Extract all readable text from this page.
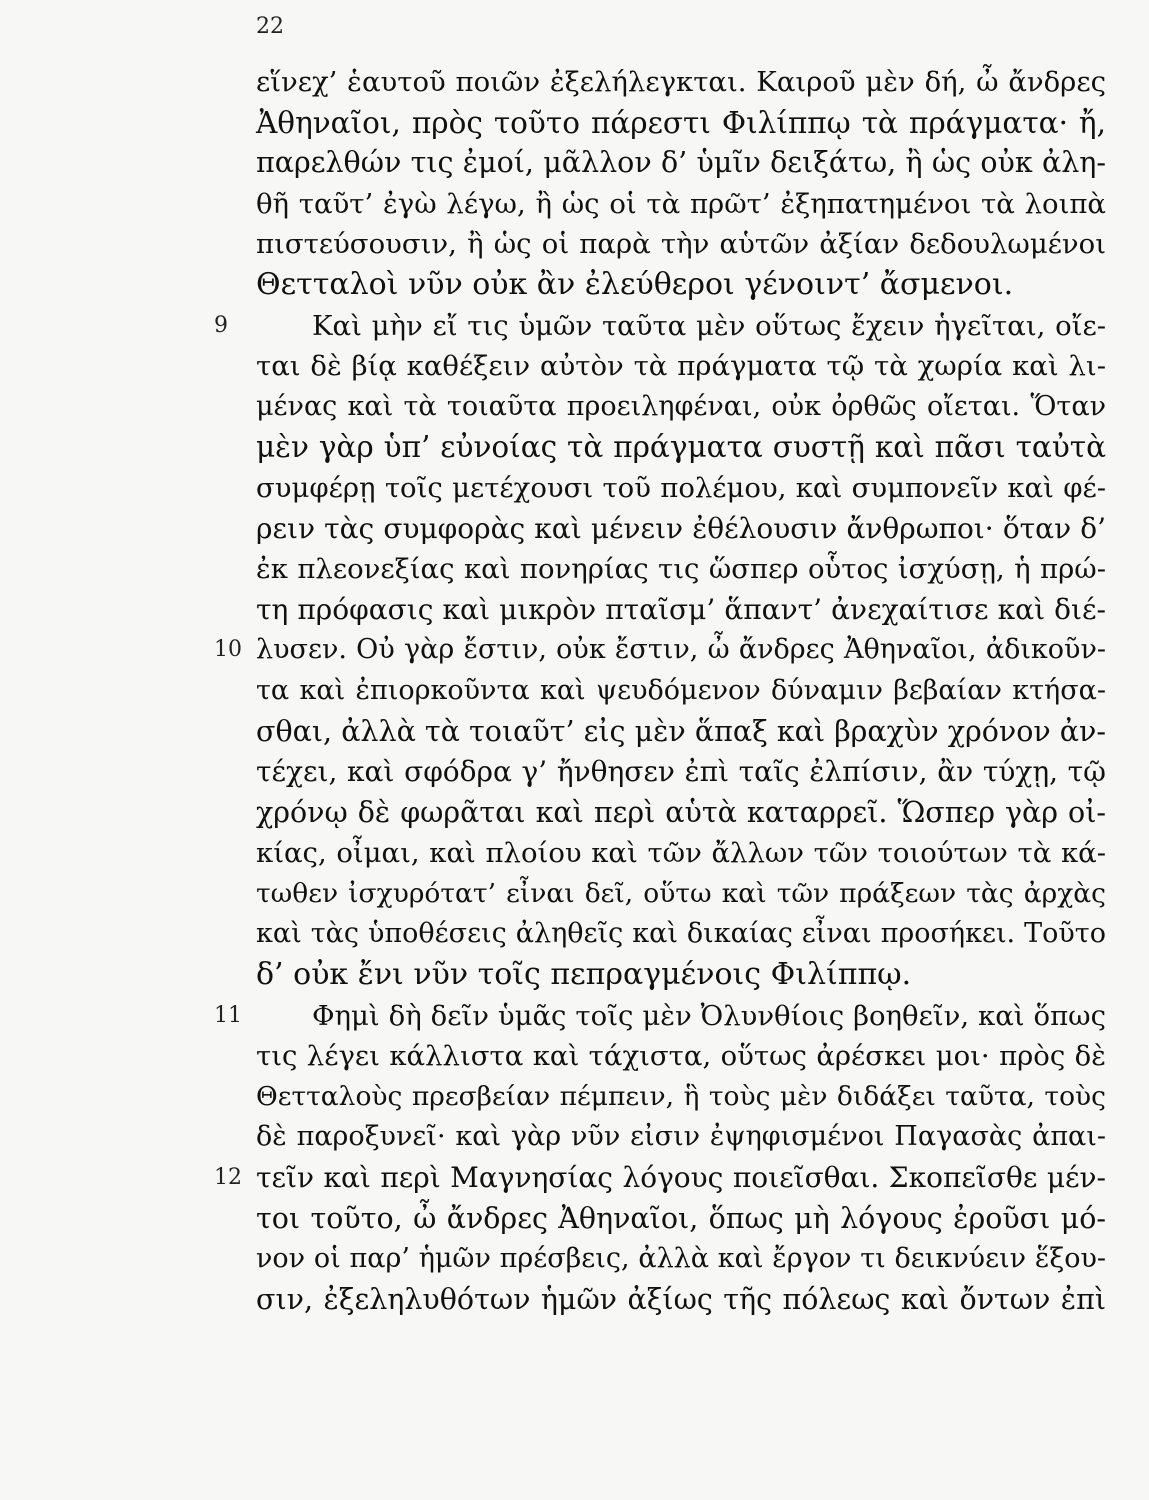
22
εἵνεχ’ ἑαυτοῦ ποιῶν ἐξελήλεγκται. Καιροῦ μὲν δή, ὦ ἄνδρες
Ἀθηναῖοι, πρὸς τοῦτο πάρεστι Φιλίππῳ τὰ πράγματα· ἤ,
παρελθών τις ἐμοί, μᾶλλον δ’ ὑμῖν δειξάτω, ἢ ὡς οὐκ ἀλη-
θῆ ταῦτ’ ἐγὼ λέγω, ἢ ὡς οἱ τὰ πρῶτ’ ἐξηπατημένοι τὰ λοιπὰ
πιστεύσουσιν, ἢ ὡς οἱ παρὰ τὴν αὑτῶν ἀξίαν δεδουλωμένοι
Θετταλοὶ νῦν οὐκ ἂν ἐλεύθεροι γένοιντ’ ἄσμενοι.
9	Καὶ μὴν εἴ τις ὑμῶν ταῦτα μὲν οὕτως ἔχειν ἡγεῖται, οἴε-
ται δὲ βίᾳ καθέξειν αὐτὸν τὰ πράγματα τῷ τὰ χωρία καὶ λι-
μένας καὶ τὰ τοιαῦτα προειληφέναι, οὐκ ὀρθῶς οἴεται. Ὅταν
μὲν γὰρ ὑπ’ εὐνοίας τὰ πράγματα συστῇ καὶ πᾶσι ταὐτὰ
συμφέρῃ τοῖς μετέχουσι τοῦ πολέμου, καὶ συμπονεῖν καὶ φέ-
ρειν τὰς συμφορὰς καὶ μένειν ἐθέλουσιν ἄνθρωποι· ὅταν δ’
ἐκ πλεονεξίας καὶ πονηρίας τις ὥσπερ οὗτος ἰσχύσῃ, ἡ πρώ-
τη πρόφασις καὶ μικρὸν πταῖσμ’ ἅπαντ’ ἀνεχαίτισε καὶ διέ-
10 λυσεν. Οὐ γὰρ ἔστιν, οὐκ ἔστιν, ὦ ἄνδρες Ἀθηναῖοι, ἀδικοῦν-
τα καὶ ἐπιορκοῦντα καὶ ψευδόμενον δύναμιν βεβαίαν κτήσα-
σθαι, ἀλλὰ τὰ τοιαῦτ’ εἰς μὲν ἅπαξ καὶ βραχὺν χρόνον ἀν-
τέχει, καὶ σφόδρα γ’ ἤνθησεν ἐπὶ ταῖς ἐλπίσιν, ἂν τύχῃ, τῷ
χρόνῳ δὲ φωρᾶται καὶ περὶ αὑτὰ καταρρεῖ. Ὥσπερ γὰρ οἰ-
κίας, οἶμαι, καὶ πλοίου καὶ τῶν ἄλλων τῶν τοιούτων τὰ κά-
τωθεν ἰσχυρότατ’ εἶναι δεῖ, οὕτω καὶ τῶν πράξεων τὰς ἀρχὰς
καὶ τὰς ὑποθέσεις ἀληθεῖς καὶ δικαίας εἶναι προσήκει. Τοῦτο
δ’ οὐκ ἔνι νῦν τοῖς πεπραγμένοις Φιλίππῳ.
11	Φημὶ δὴ δεῖν ὑμᾶς τοῖς μὲν Ὀλυνθίοις βοηθεῖν, καὶ ὅπως
τις λέγει κάλλιστα καὶ τάχιστα, οὕτως ἀρέσκει μοι· πρὸς δὲ
Θετταλοὺς πρεσβείαν πέμπειν, ἣ τοὺς μὲν διδάξει ταῦτα, τοὺς
δὲ παροξυνεῖ· καὶ γὰρ νῦν εἰσιν ἐψηφισμένοι Παγασὰς ἀπαι-
12 τεῖν καὶ περὶ Μαγνησίας λόγους ποιεῖσθαι. Σκοπεῖσθε μέν-
τοι τοῦτο, ὦ ἄνδρες Ἀθηναῖοι, ὅπως μὴ λόγους ἐροῦσι μό-
νον οἱ παρ’ ἡμῶν πρέσβεις, ἀλλὰ καὶ ἔργον τι δεικνύειν ἕξου-
σιν, ἐξεληλυθότων ἡμῶν ἀξίως τῆς πόλεως καὶ ὄντων ἐπὶ
